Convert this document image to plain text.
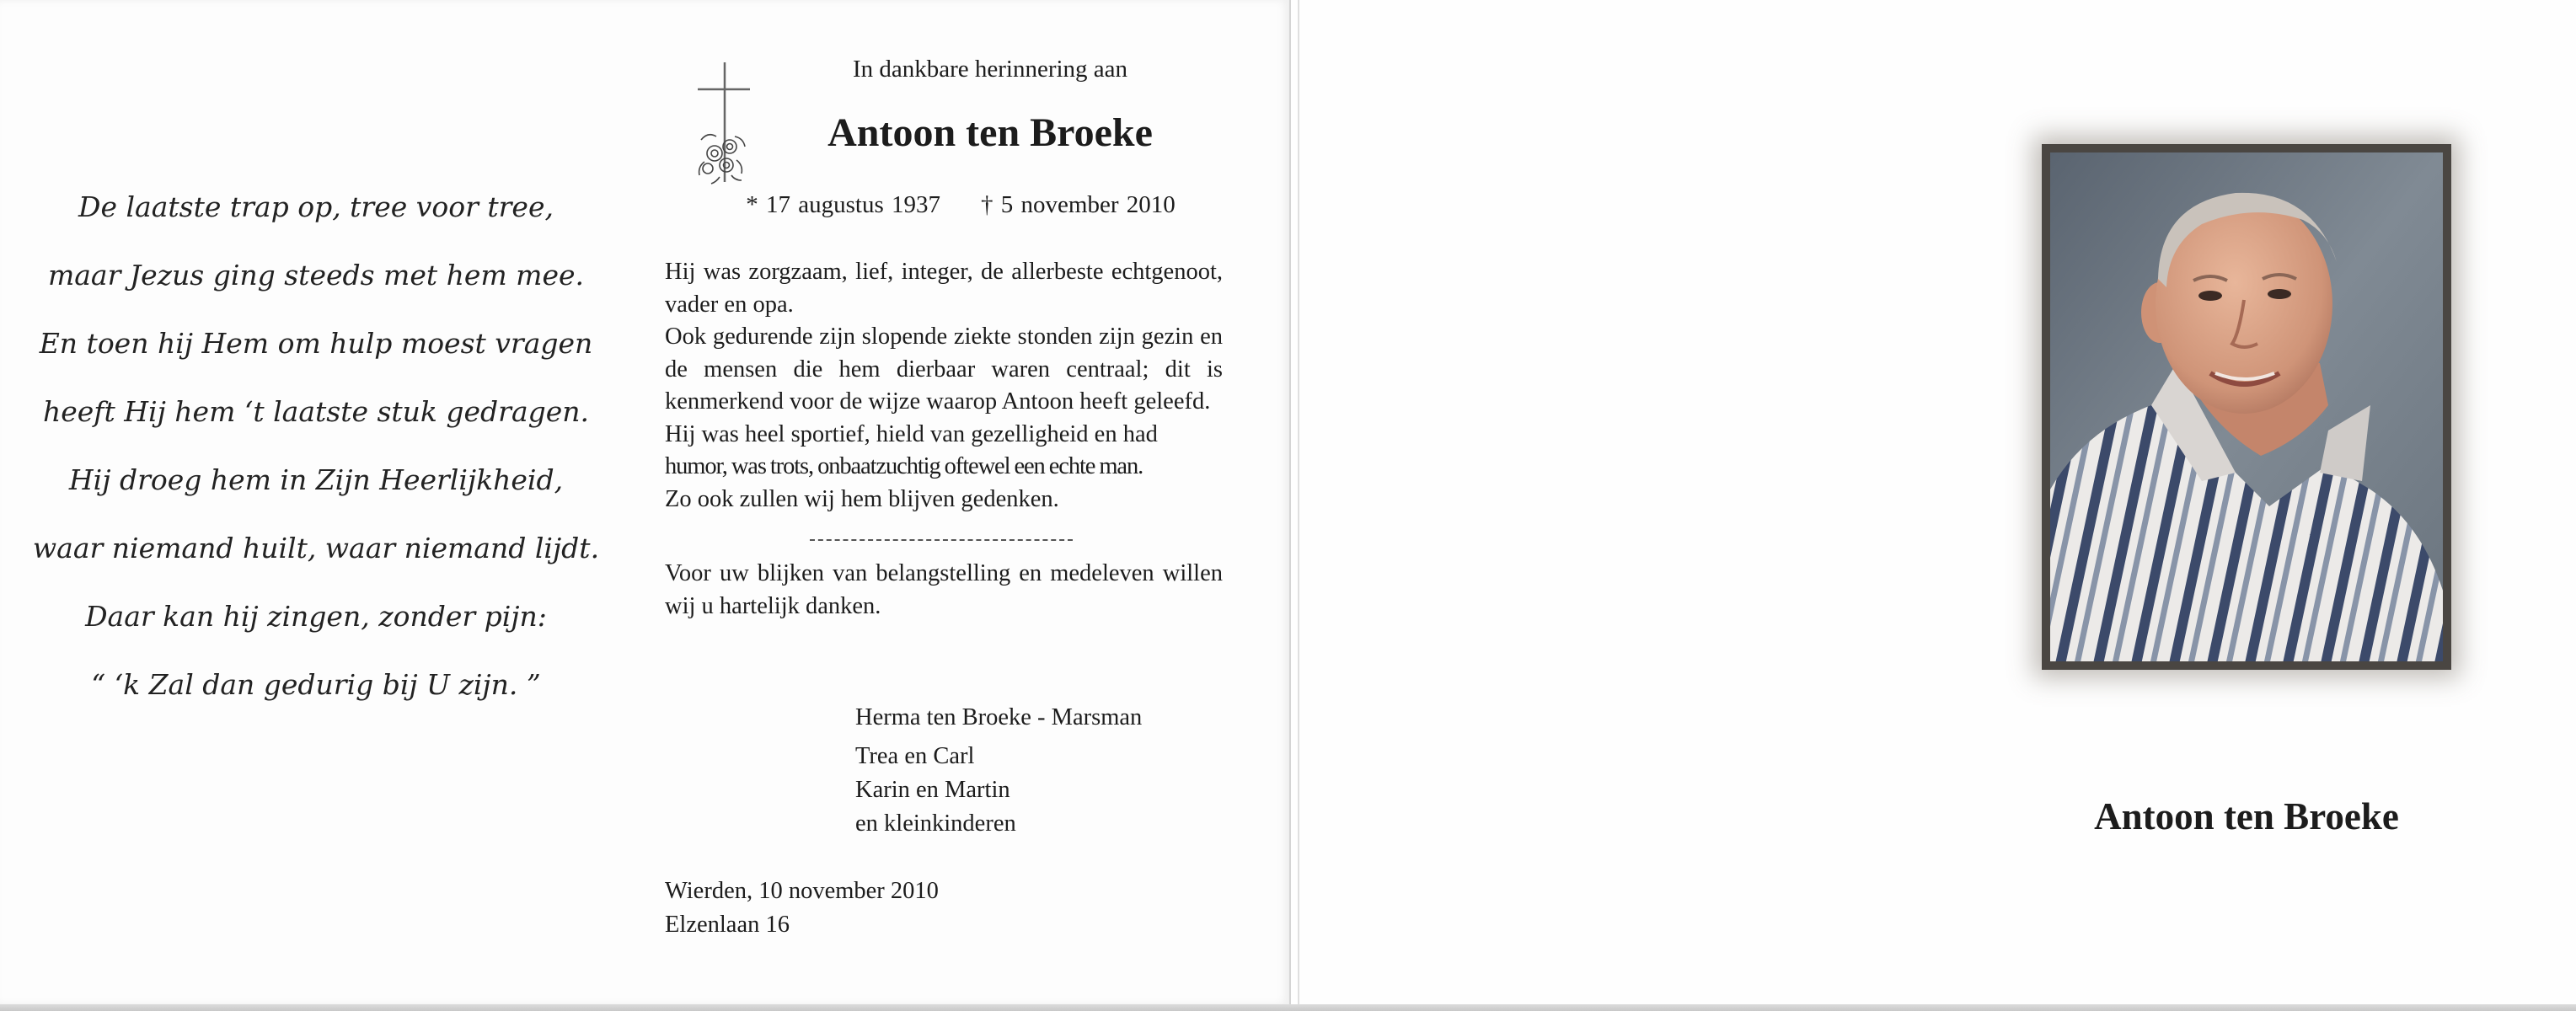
De laatste trap op, tree voor tree,
maar Jezus ging steeds met hem mee.
En toen hij Hem om hulp moest vragen
heeft Hij hem ‘t laatste stuk gedragen.
Hij droeg hem in Zijn Heerlijkheid,
waar niemand huilt, waar niemand lijdt.
Daar kan hij zingen, zonder pijn:
“ ‘k Zal dan gedurig bij U zijn. ”
In dankbare herinnering aan
Antoon ten Broeke
* 17 augustus 1937 † 5 november 2010

Hij was zorgzaam, lief, integer, de allerbeste echtgenoot, vader en opa.

Ook gedurende zijn slopende ziekte stonden zijn gezin en de mensen die hem dierbaar waren centraal; dit is kenmerkend voor de wijze waarop Antoon heeft geleefd.

Hij was heel sportief, hield van gezelligheid en had

humor, was trots, onbaatzuchtig oftewel een echte man.

Zo ook zullen wij hem blijven gedenken.

Voor uw blijken van belangstelling en medeleven willen wij u hartelijk danken.

Herma ten Broeke - Marsman
Trea en Carl
Karin en Martin
en kleinkinderen
Wierden, 10 november 2010
Elzenlaan 16
Antoon ten Broeke
